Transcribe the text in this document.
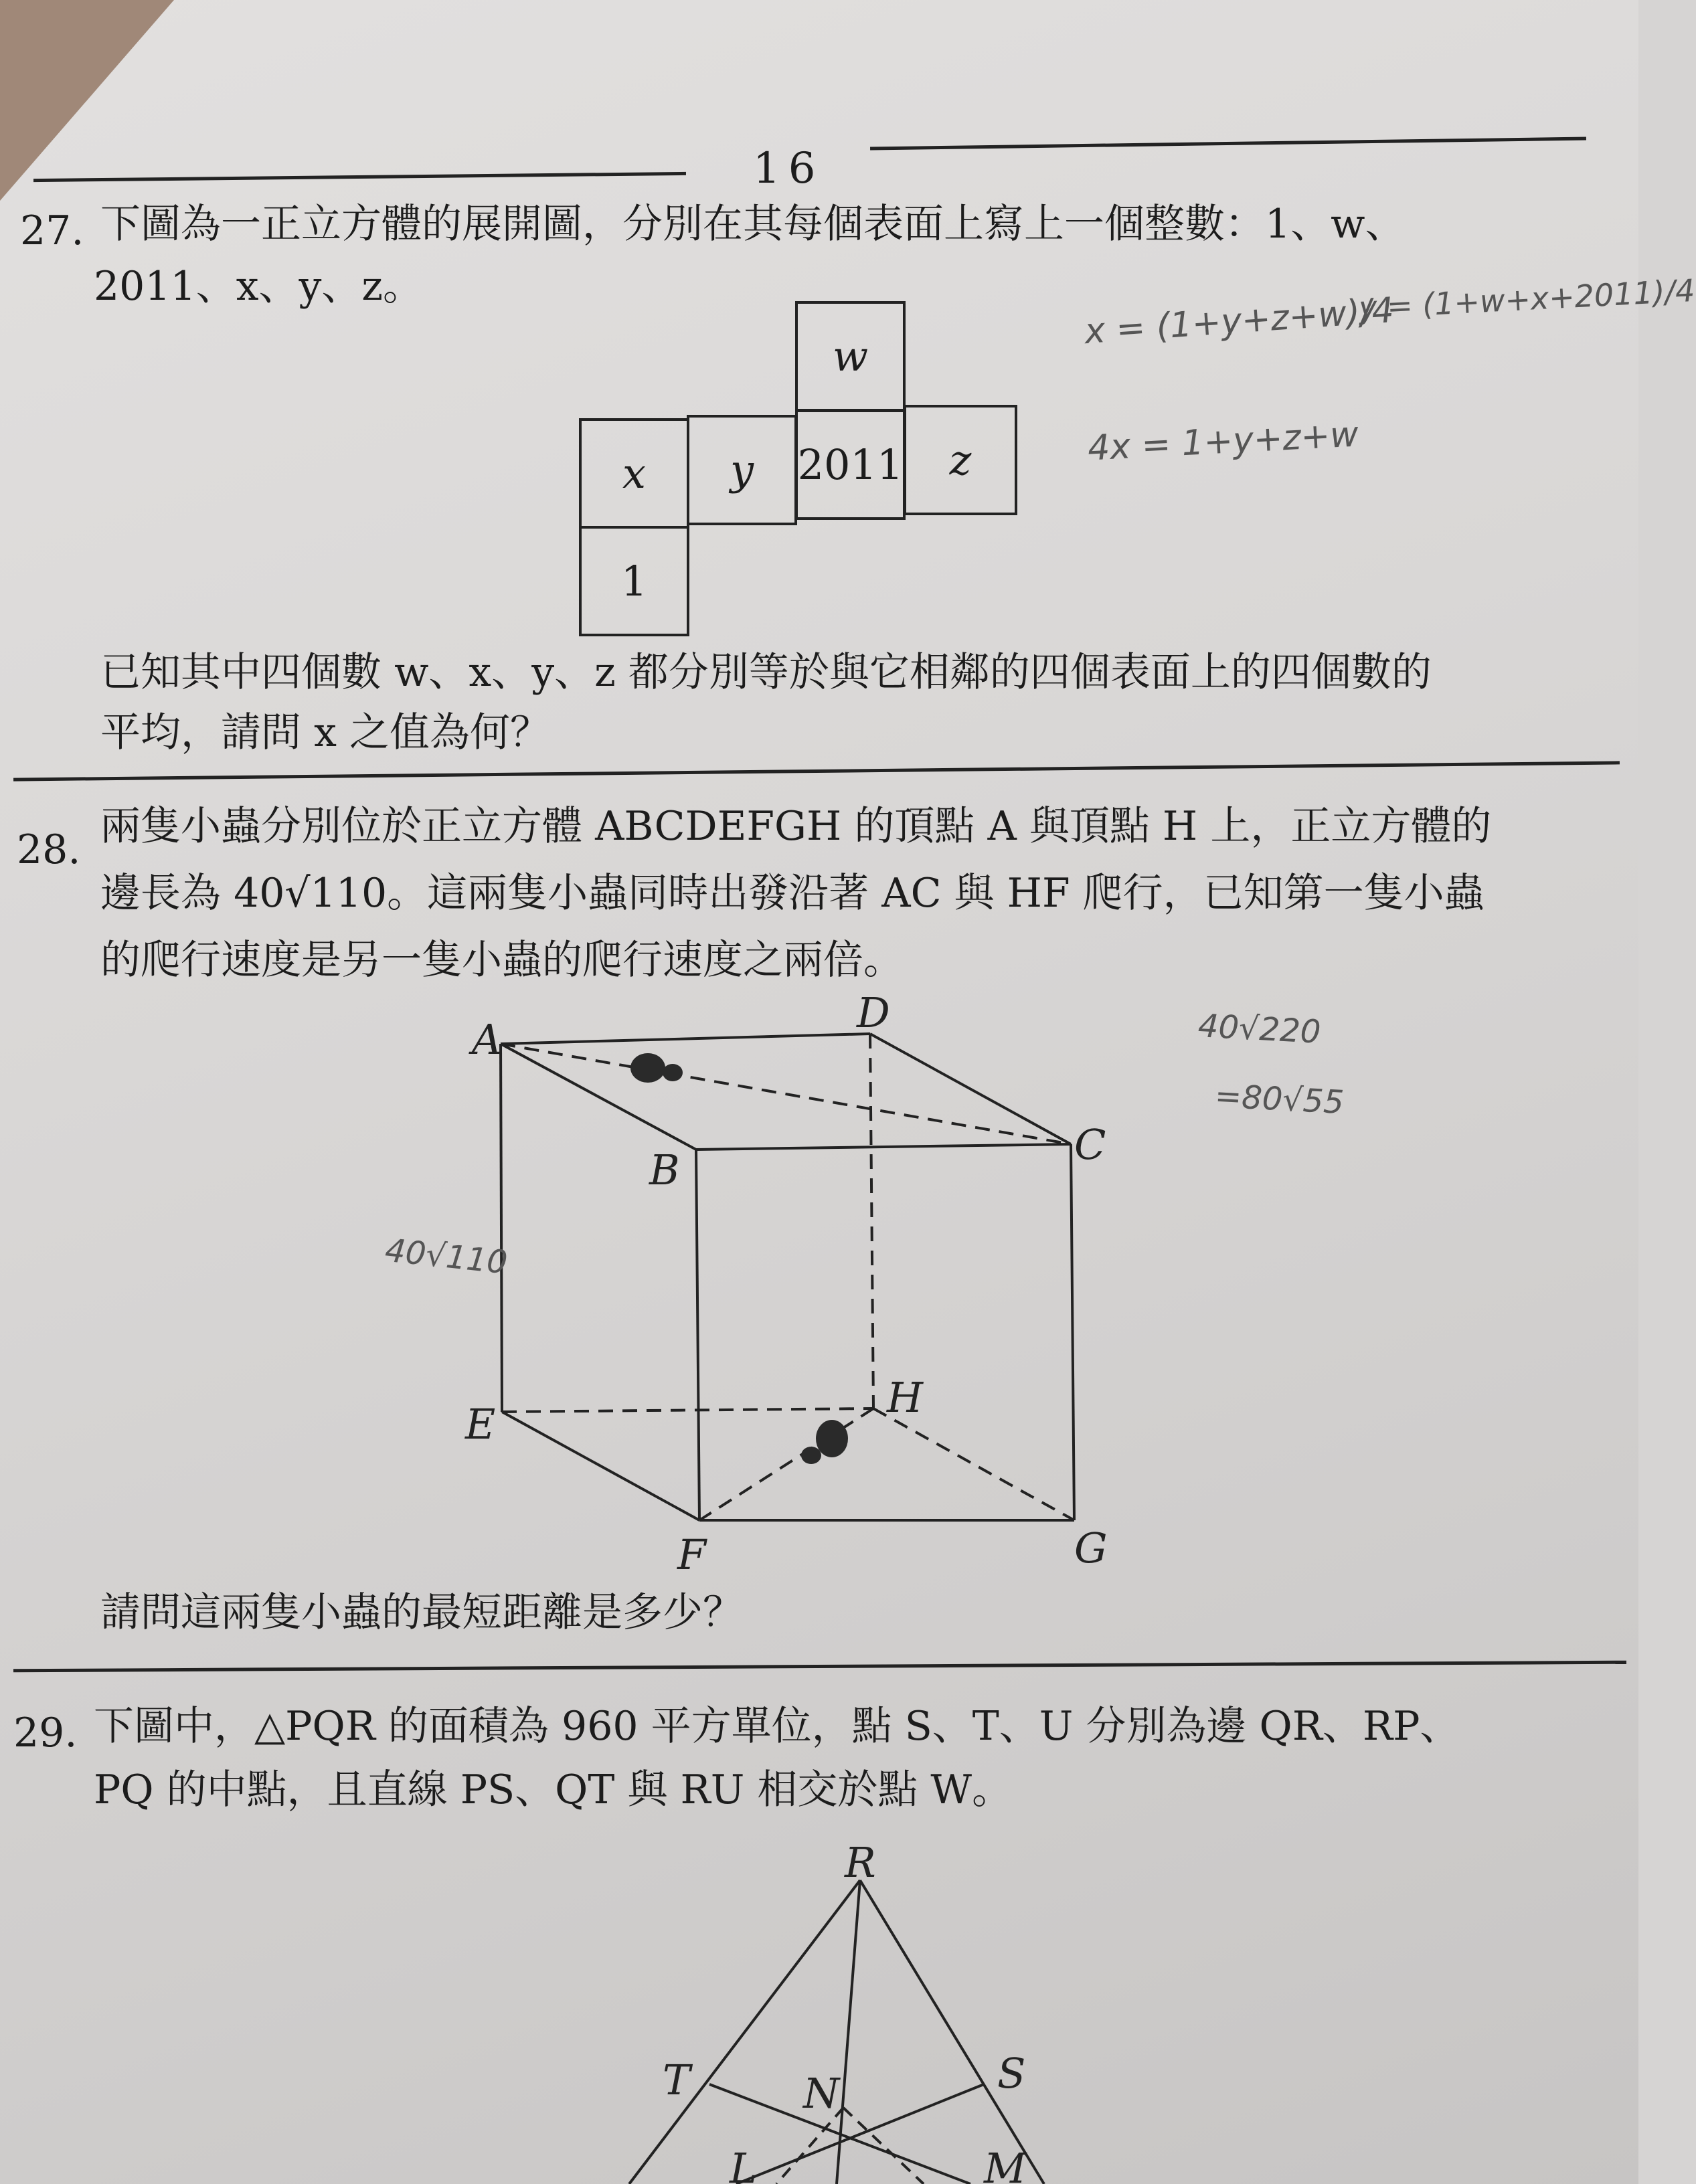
16
27. 下圖為一正立方體的展開圖，分別在其每個表面上寫上一個整數：1、w、
2011、x、y、z。
w
x	y	2011	z
1
已知其中四個數 w、x、y、z 都分別等於與它相鄰的四個表面上的四個數的
平均，請問 x 之值為何？
28. 兩隻小蟲分別位於正立方體 ABCDEFGH 的頂點 A 與頂點 H 上，正立方體的
邊長為 40√110。這兩隻小蟲同時出發沿著 AC 與 HF 爬行，已知第一隻小蟲
的爬行速度是另一隻小蟲的爬行速度之兩倍。
A
B
C
D
E
F	G
H
R
T	S
N
L	M
請問這兩隻小蟲的最短距離是多少？
29. 下圖中，△PQR 的面積為 960 平方單位，點 S、T、U 分別為邊 QR、RP、
PQ 的中點，且直線 PS、QT 與 RU 相交於點 W。
x = (1+y+z+w)/4
y = (1+w+x+2011)/4
4x = 1+y+z+w
40√220
=80√55
40√110
